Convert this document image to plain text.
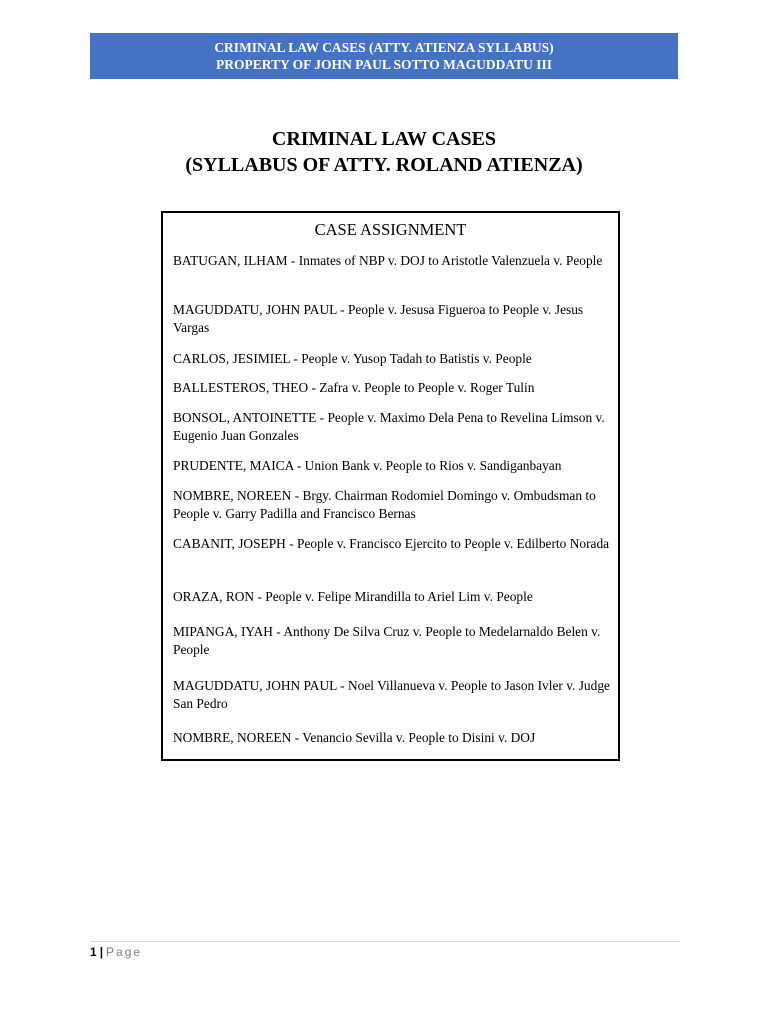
CRIMINAL LAW CASES (ATTY. ATIENZA SYLLABUS)
PROPERTY OF JOHN PAUL SOTTO MAGUDDATU III
CRIMINAL LAW CASES
(SYLLABUS OF ATTY. ROLAND ATIENZA)
CASE ASSIGNMENT
BATUGAN, ILHAM - Inmates of NBP v. DOJ to Aristotle Valenzuela v. People
MAGUDDATU, JOHN PAUL - People v. Jesusa Figueroa to People v. Jesus Vargas
CARLOS, JESIMIEL - People v. Yusop Tadah to Batistis v. People
BALLESTEROS, THEO - Zafra v. People to People v. Roger Tulin
BONSOL, ANTOINETTE - People v. Maximo Dela Pena to Revelina Limson v. Eugenio Juan Gonzales
PRUDENTE, MAICA - Union Bank v. People to Rios v. Sandiganbayan
NOMBRE, NOREEN - Brgy. Chairman Rodomiel Domingo v. Ombudsman to People v. Garry Padilla and Francisco Bernas
CABANIT, JOSEPH - People v. Francisco Ejercito to People v. Edilberto Norada
ORAZA, RON - People v. Felipe Mirandilla to Ariel Lim v. People
MIPANGA, IYAH - Anthony De Silva Cruz v. People to Medelarnaldo Belen v. People
MAGUDDATU, JOHN PAUL - Noel Villanueva v. People to Jason Ivler v. Judge San Pedro
NOMBRE, NOREEN - Venancio Sevilla v. People to Disini v. DOJ
1 | Page
